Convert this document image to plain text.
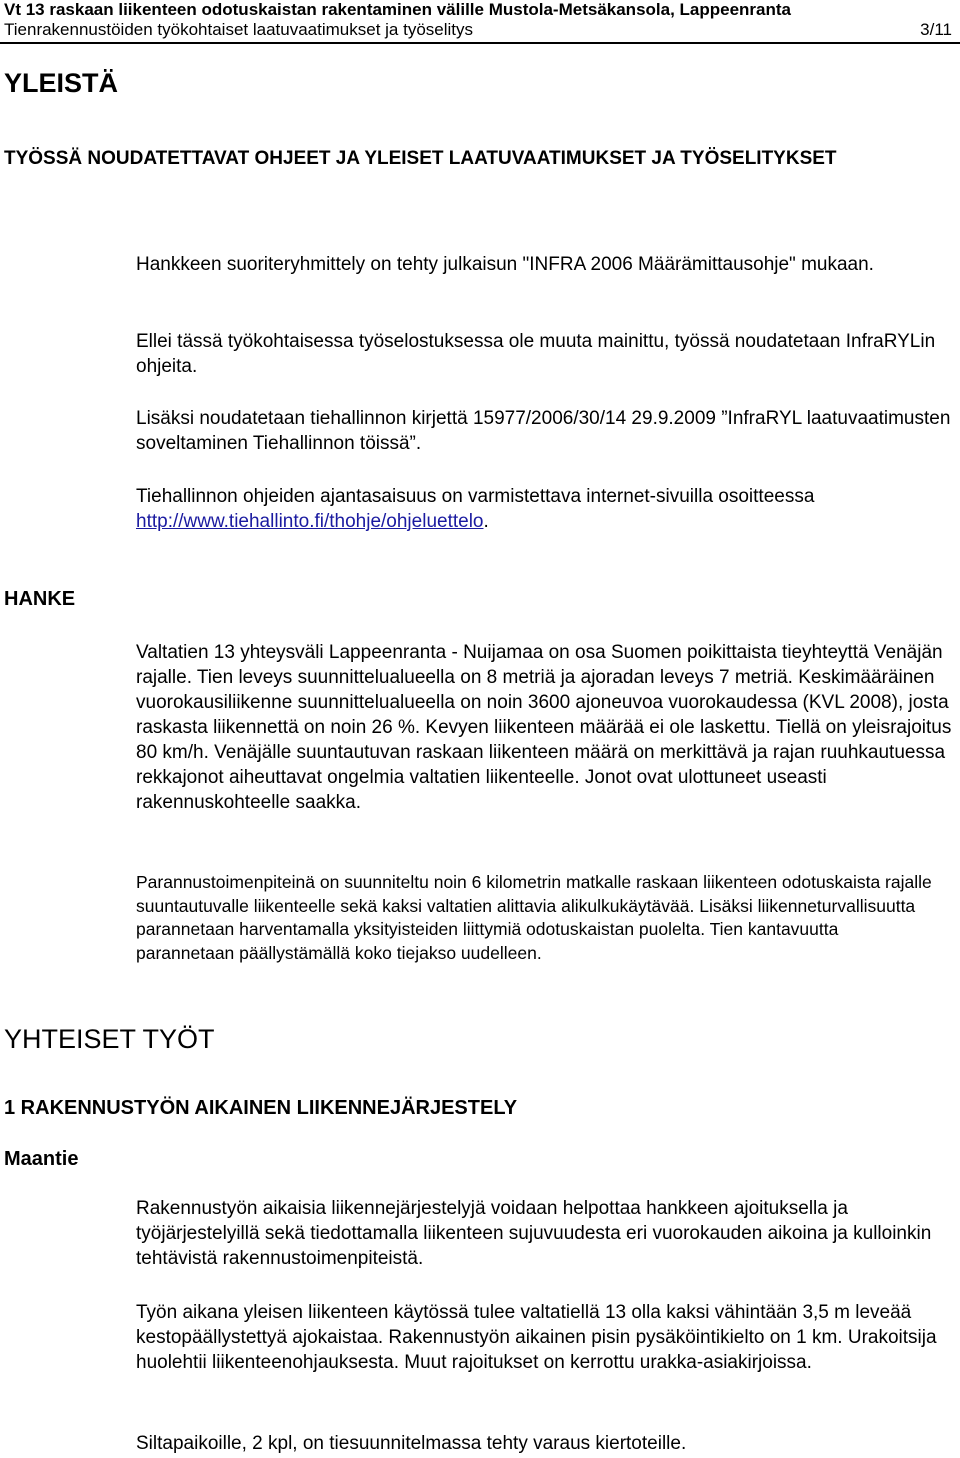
Vt 13 raskaan liikenteen odotuskaistan rakentaminen välille Mustola-Metsäkansola, Lappeenranta
Tienrakennustöiden työkohtaiset laatuvaatimukset ja työselitys	3/11
YLEISTÄ
TYÖSSÄ NOUDATETTAVAT OHJEET JA YLEISET LAATUVAATIMUKSET JA TYÖSELITYKSET

Hankkeen suoriteryhmittely on tehty julkaisun "INFRA 2006 Määrämittausohje" mukaan.

Ellei tässä työkohtaisessa työselostuksessa ole muuta mainittu, työssä noudatetaan InfraRYLin ohjeita.

Lisäksi noudatetaan tiehallinnon kirjettä 15977/2006/30/14 29.9.2009 ”InfraRYL laatuvaatimusten soveltaminen Tiehallinnon töissä”.

Tiehallinnon ohjeiden ajantasaisuus on varmistettava internet-sivuilla osoitteessa http://www.tiehallinto.fi/thohje/ohjeluettelo.

HANKE

Valtatien 13 yhteysväli Lappeenranta - Nuijamaa on osa Suomen poikittaista tieyhteyttä Venäjän rajalle. Tien leveys suunnittelualueella on 8 metriä ja ajoradan leveys 7 metriä. Keskimääräinen vuorokausiliikenne suunnittelualueella on noin 3600 ajoneuvoa vuorokaudessa (KVL 2008), josta raskasta liikennettä on noin 26 %. Kevyen liikenteen määrää ei ole laskettu. Tiellä on yleisrajoitus 80 km/h. Venäjälle suuntautuvan raskaan liikenteen määrä on merkittävä ja rajan ruuhkautuessa rekkajonot aiheuttavat ongelmia valtatien liikenteelle. Jonot ovat ulottuneet useasti rakennuskohteelle saakka.

Parannustoimenpiteinä on suunniteltu noin 6 kilometrin matkalle raskaan liikenteen odotuskaista rajalle suuntautuvalle liikenteelle sekä kaksi valtatien alittavia alikulkukäytävää. Lisäksi liikenneturvallisuutta parannetaan harventamalla yksityisteiden liittymiä odotuskaistan puolelta. Tien kantavuutta parannetaan päällystämällä koko tiejakso uudelleen.

YHTEISET TYÖT
1 RAKENNUSTYÖN AIKAINEN LIIKENNEJÄRJESTELY
Maantie

Rakennustyön aikaisia liikennejärjestelyjä voidaan helpottaa hankkeen ajoituksella ja työjärjestelyillä sekä tiedottamalla liikenteen sujuvuudesta eri vuorokauden aikoina ja kulloinkin tehtävistä rakennustoimenpiteistä.

Työn aikana yleisen liikenteen käytössä tulee valtatiellä 13 olla kaksi vähintään 3,5 m leveää kestopäällystettyä ajokaistaa. Rakennustyön aikainen pisin pysäköintikielto on 1 km. Urakoitsija huolehtii liikenteenohjauksesta. Muut rajoitukset on kerrottu urakka-asiakirjoissa.

Siltapaikoille, 2 kpl, on tiesuunnitelmassa tehty varaus kiertoteille.
